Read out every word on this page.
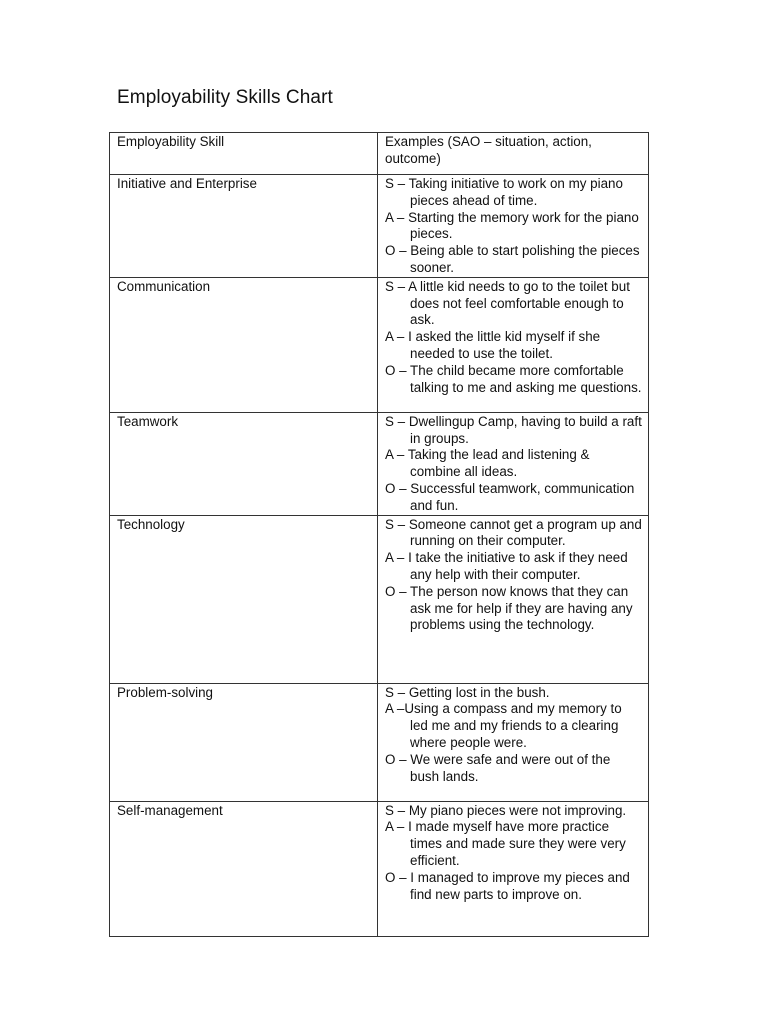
Employability Skills Chart
Employability Skill	Examples (SAO – situation, action, outcome)
Initiative and Enterprise	S – Taking initiative to work on my piano pieces ahead of time.
A – Starting the memory work for the piano pieces.
O – Being able to start polishing the pieces sooner.

Communication	S – A little kid needs to go to the toilet but does not feel comfortable enough to ask.
A – I asked the little kid myself if she needed to use the toilet.
O – The child became more comfortable talking to me and asking me questions.

Teamwork	S – Dwellingup Camp, having to build a raft in groups.
A – Taking the lead and listening & combine all ideas.
O – Successful teamwork, communication and fun.

Technology	S – Someone cannot get a program up and running on their computer.
A – I take the initiative to ask if they need any help with their computer.
O – The person now knows that they can ask me for help if they are having any problems using the technology.

Problem-solving	S – Getting lost in the bush.
A –Using a compass and my memory to led me and my friends to a clearing where people were.
O – We were safe and were out of the bush lands.

Self-management	S – My piano pieces were not improving.
A – I made myself have more practice times and made sure they were very efficient.
O – I managed to improve my pieces and find new parts to improve on.
